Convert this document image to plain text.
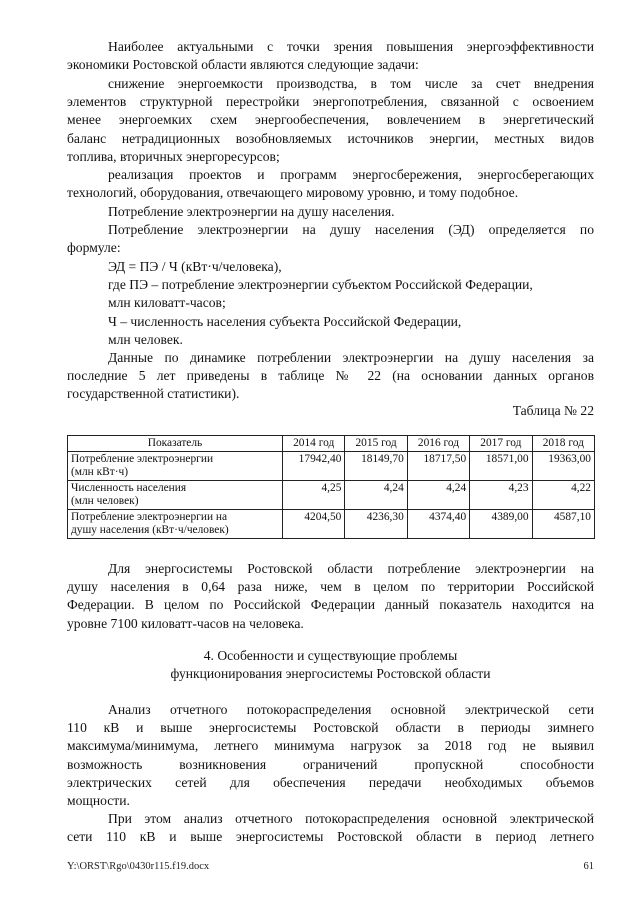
Наиболее актуальными с точки зрения повышения энергоэффективности
экономики Ростовской области являются следующие задачи:
снижение энергоемкости производства, в том числе за счет внедрения
элементов структурной перестройки энергопотребления, связанной с освоением
менее энергоемких схем энергообеспечения, вовлечением в энергетический
баланс нетрадиционных возобновляемых источников энергии, местных видов
топлива, вторичных энергоресурсов;
реализация проектов и программ энергосбережения, энергосберегающих
технологий, оборудования, отвечающего мировому уровню, и тому подобное.
Потребление электроэнергии на душу населения.
Потребление электроэнергии на душу населения (ЭД) определяется по
формуле:
ЭД = ПЭ / Ч (кВт·ч/человека),
где ПЭ – потребление электроэнергии субъектом Российской Федерации,
млн киловатт-часов;
Ч – численность населения субъекта Российской Федерации,
млн человек.
Данные по динамике потреблении электроэнергии на душу населения за
последние 5 лет приведены в таблице № 22 (на основании данных органов
государственной статистики).

Таблица № 22

Показатель	2014 год	2015 год	2016 год	2017 год	2018 год

Потребление электроэнергии
(млн кВт·ч)	17942,40	18149,70	18717,50	18571,00	19363,00

Численность населения
(млн человек)	4,25	4,24	4,24	4,23	4,22

Потребление электроэнергии на
душу населения (кВт·ч/человек)	4204,50	4236,30	4374,40	4389,00	4587,10
Для энергосистемы Ростовской области потребление электроэнергии на
душу населения в 0,64 раза ниже, чем в целом по территории Российской
Федерации. В целом по Российской Федерации данный показатель находится на
уровне 7100 киловатт-часов на человека.
4. Особенности и существующие проблемы
функционирования энергосистемы Ростовской области
Анализ отчетного потокораспределения основной электрической сети
110 кВ и выше энергосистемы Ростовской области в периоды зимнего
максимума/минимума, летнего минимума нагрузок за 2018 год не выявил
возможность возникновения ограничений пропускной способности
электрических сетей для обеспечения передачи необходимых объемов
мощности.
При этом анализ отчетного потокораспределения основной электрической
сети 110 кВ и выше энергосистемы Ростовской области в период летнего
Y:\ORST\Rgo\0430r115.f19.docx	61
